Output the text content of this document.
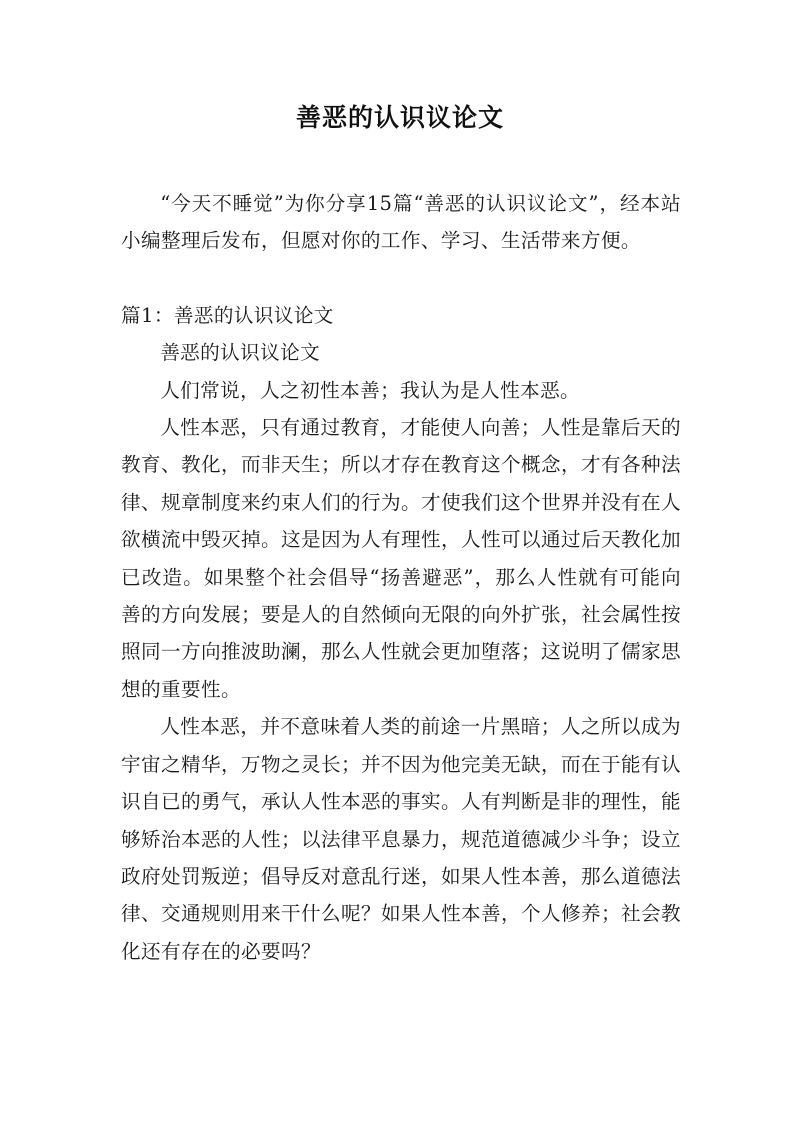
善恶的认识议论文

“今天不睡觉”为你分享15篇“善恶的认识议论文”，经本站小编整理后发布，但愿对你的工作、学习、生活带来方便。

篇1：善恶的认识议论文

善恶的认识议论文

人们常说，人之初性本善；我认为是人性本恶。

人性本恶，只有通过教育，才能使人向善；人性是靠后天的教育、教化，而非天生；所以才存在教育这个概念，才有各种法律、规章制度来约束人们的行为。才使我们这个世界并没有在人欲横流中毁灭掉。这是因为人有理性，人性可以通过后天教化加已改造。如果整个社会倡导“扬善避恶”，那么人性就有可能向善的方向发展；要是人的自然倾向无限的向外扩张，社会属性按照同一方向推波助澜，那么人性就会更加堕落；这说明了儒家思想的重要性。

人性本恶，并不意味着人类的前途一片黑暗；人之所以成为宇宙之精华，万物之灵长；并不因为他完美无缺，而在于能有认识自已的勇气，承认人性本恶的事实。人有判断是非的理性，能够矫治本恶的人性；以法律平息暴力，规范道德减少斗争；设立政府处罚叛逆；倡导反对意乱行迷，如果人性本善，那么道德法律、交通规则用来干什么呢？如果人性本善，个人修养；社会教化还有存在的必要吗？
